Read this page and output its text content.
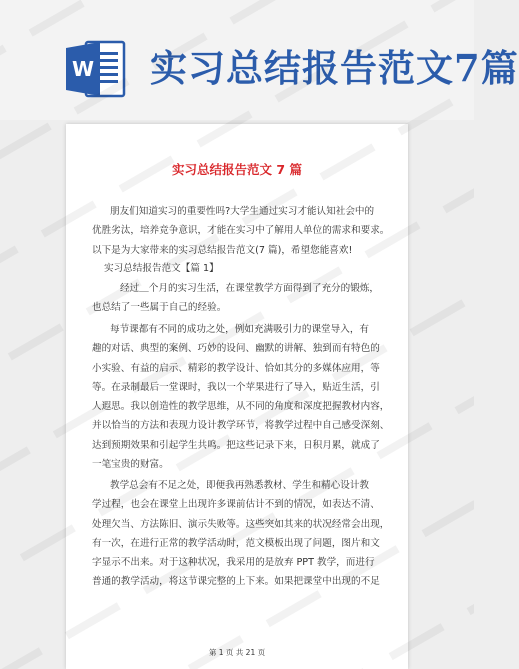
W 实习总结报告范文7篇
实习总结报告范文 7 篇
朋友们知道实习的重要性吗?大学生通过实习才能认知社会中的
优胜劣汰，培养竞争意识，才能在实习中了解用人单位的需求和要求。
以下是为大家带来的实习总结报告范文(7 篇)，希望您能喜欢!
实习总结报告范文【篇 1】
经过＿个月的实习生活，在课堂教学方面得到了充分的锻炼，
也总结了一些属于自己的经验。
每节课都有不同的成功之处，例如充满吸引力的课堂导入，有
趣的对话、典型的案例、巧妙的设问、幽默的讲解、独到而有特色的
小实验、有益的启示、精彩的教学设计、恰如其分的多媒体应用，等
等。在录制最后一堂课时，我以一个苹果进行了导入，贴近生活，引
人遐思。我以创造性的教学思维，从不同的角度和深度把握教材内容，
并以恰当的方法和表现力设计教学环节，将教学过程中自己感受深刻、
达到预期效果和引起学生共鸣。把这些记录下来，日积月累，就成了
一笔宝贵的财富。
教学总会有不足之处，即便我再熟悉教材、学生和精心设计教
学过程，也会在课堂上出现许多课前估计不到的情况，如表达不清、
处理欠当、方法陈旧、演示失败等。这些突如其来的状况经常会出现，
有一次，在进行正常的教学活动时，范文模板出现了问题，图片和文
字显示不出来。对于这种状况，我采用的是放弃 PPT 教学，而进行
普通的教学活动，将这节课完整的上下来。如果把课堂中出现的不足
第 1 页 共 21 页
